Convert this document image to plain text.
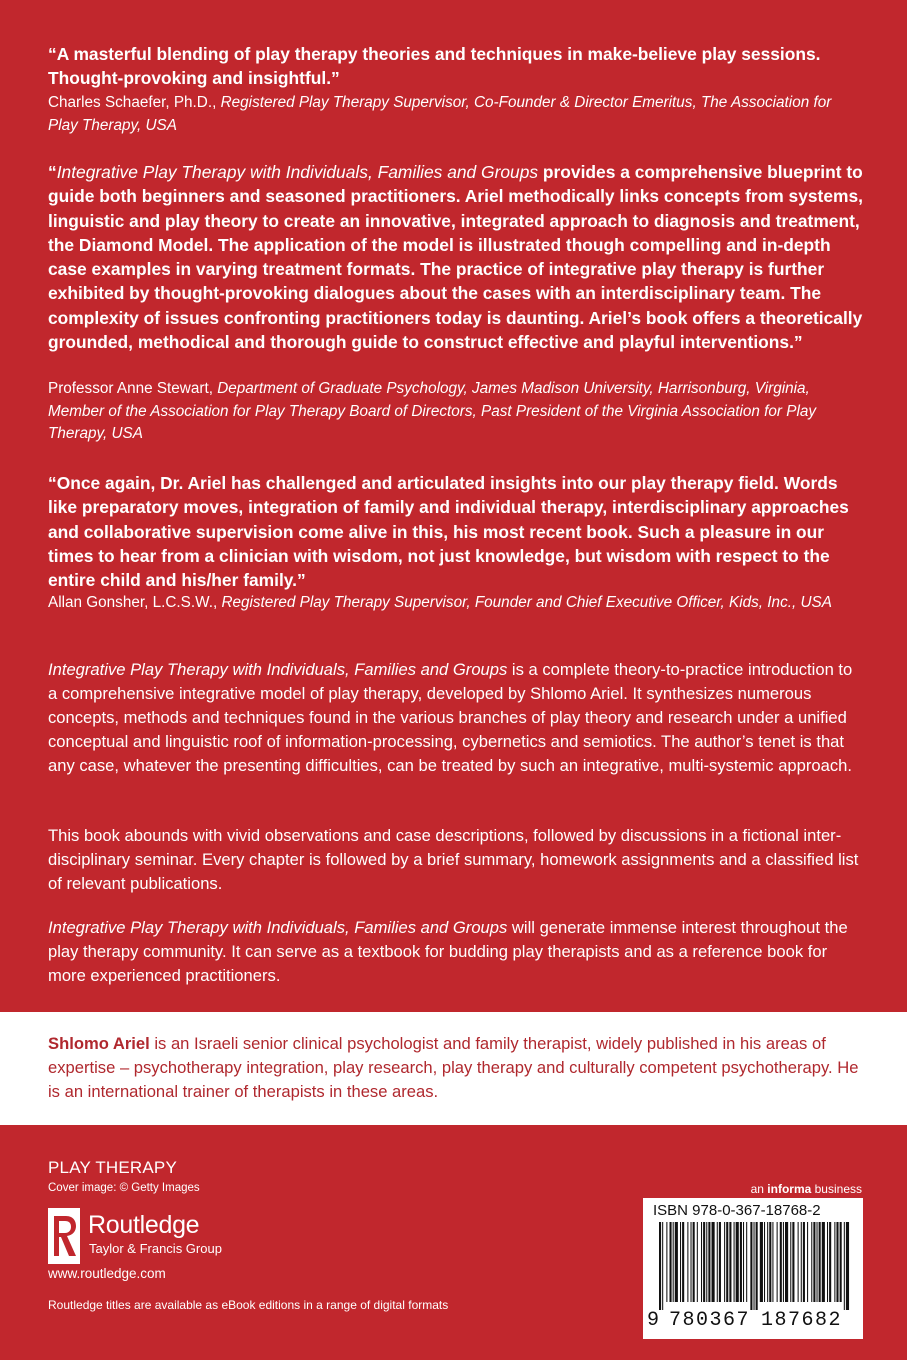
“A masterful blending of play therapy theories and techniques in make-believe play sessions. Thought-provoking and insightful.”

Charles Schaefer, Ph.D., Registered Play Therapy Supervisor, Co-Founder & Director Emeritus, The Association for Play Therapy, USA

“Integrative Play Therapy with Individuals, Families and Groups provides a comprehensive blueprint to guide both beginners and seasoned practitioners. Ariel methodically links concepts from systems, linguistic and play theory to create an innovative, integrated approach to diagnosis and treatment, the Diamond Model. The application of the model is illustrated though compelling and in-depth case examples in varying treatment formats. The practice of integrative play therapy is further exhibited by thought-provoking dialogues about the cases with an interdisciplinary team. The complexity of issues confronting practitioners today is daunting. Ariel’s book offers a theoretically grounded, methodical and thorough guide to construct effective and playful interventions.”

Professor Anne Stewart, Department of Graduate Psychology, James Madison University, Harrisonburg, Virginia, Member of the Association for Play Therapy Board of Directors, Past President of the Virginia Association for Play Therapy, USA

“Once again, Dr. Ariel has challenged and articulated insights into our play therapy field. Words like preparatory moves, integration of family and individual therapy, interdisciplinary approaches and collaborative supervision come alive in this, his most recent book. Such a pleasure in our times to hear from a clinician with wisdom, not just knowledge, but wisdom with respect to the entire child and his/her family.”

Allan Gonsher, L.C.S.W., Registered Play Therapy Supervisor, Founder and Chief Executive Officer, Kids, Inc., USA

Integrative Play Therapy with Individuals, Families and Groups is a complete theory-to-practice introduction to a comprehensive integrative model of play therapy, developed by Shlomo Ariel. It synthesizes numerous concepts, methods and techniques found in the various branches of play theory and research under a unified conceptual and linguistic roof of information-processing, cybernetics and semiotics. The author’s tenet is that any case, whatever the presenting difficulties, can be treated by such an integrative, multi-systemic approach.

This book abounds with vivid observations and case descriptions, followed by discussions in a fictional inter-disciplinary seminar. Every chapter is followed by a brief summary, homework assignments and a classified list of relevant publications.

Integrative Play Therapy with Individuals, Families and Groups will generate immense interest throughout the play therapy community. It can serve as a textbook for budding play therapists and as a reference book for more experienced practitioners.

Shlomo Ariel is an Israeli senior clinical psychologist and family therapist, widely published in his areas of expertise – psychotherapy integration, play research, play therapy and culturally competent psychotherapy. He is an international trainer of therapists in these areas.

PLAY THERAPY

Cover image: © Getty Images

Routledge

Taylor & Francis Group

www.routledge.com

Routledge titles are available as eBook editions in a range of digital formats

an informa business

ISBN 978-0-367-18768-2

9 780367 187682
